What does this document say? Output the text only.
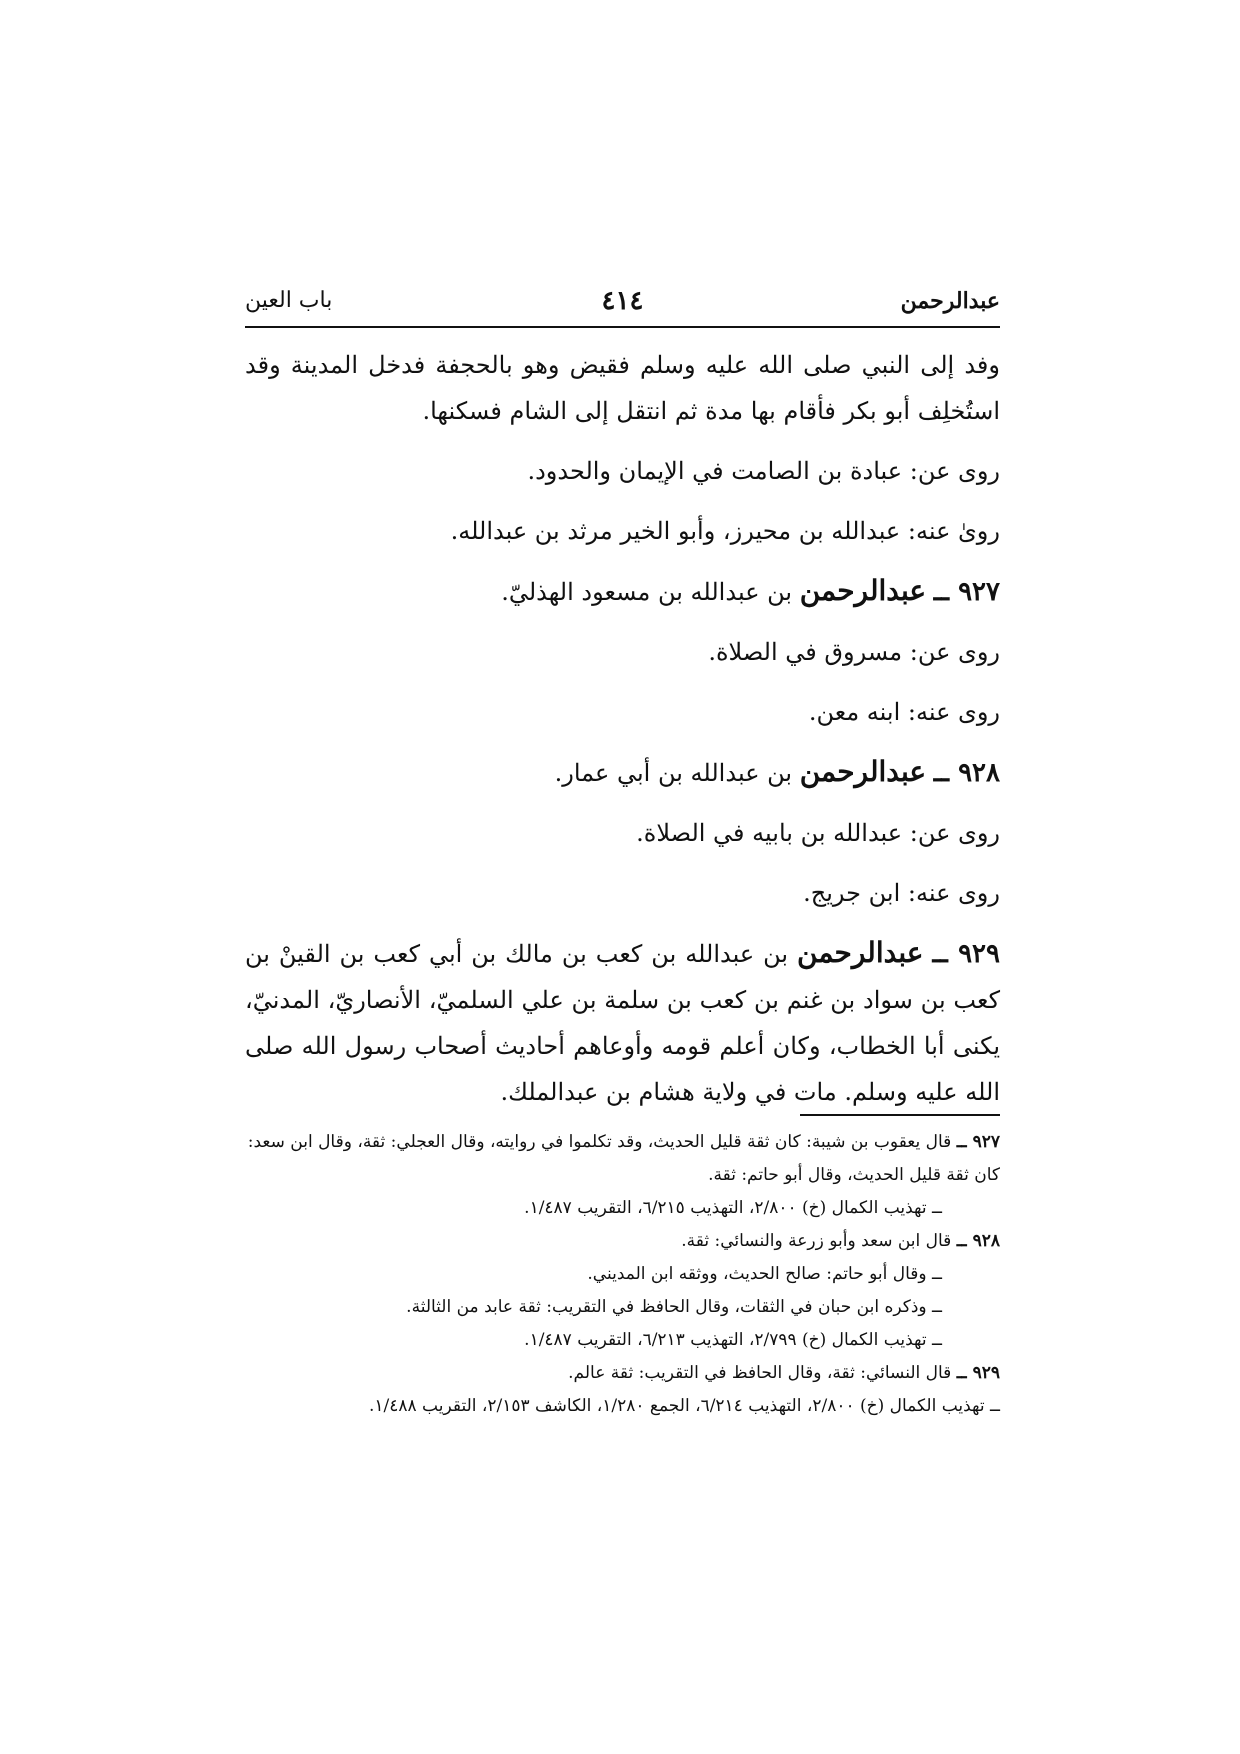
عبدالرحمن
٤١٤
باب العين

وفد إلى النبي صلى الله عليه وسلم فقيض وهو بالحجفة فدخل المدينة وقد استُخلِف أبو بكر فأقام بها مدة ثم انتقل إلى الشام فسكنها.

روى عن: عبادة بن الصامت في الإيمان والحدود.

روىٰ عنه: عبدالله بن محيرز، وأبو الخير مرثد بن عبدالله.

٩٢٧ ــ عبدالرحمن بن عبدالله بن مسعود الهذليّ.

روى عن: مسروق في الصلاة.

روى عنه: ابنه معن.

٩٢٨ ــ عبدالرحمن بن عبدالله بن أبي عمار.

روى عن: عبدالله بن بابيه في الصلاة.

روى عنه: ابن جريج.

٩٢٩ ــ عبدالرحمن بن عبدالله بن كعب بن مالك بن أبي كعب بن القينْ بن كعب بن سواد بن غنم بن كعب بن سلمة بن علي السلميّ، الأنصاريّ، المدنيّ، يكنى أبا الخطاب، وكان أعلم قومه وأوعاهم أحاديث أصحاب رسول الله صلى الله عليه وسلم. مات في ولاية هشام بن عبدالملك.

٩٢٧ ــ قال يعقوب بن شيبة: كان ثقة قليل الحديث، وقد تكلموا في روايته، وقال العجلي: ثقة، وقال ابن سعد: كان ثقة قليل الحديث، وقال أبو حاتم: ثقة.

ــ تهذيب الكمال (خ) ٢/٨٠٠، التهذيب ٦/٢١٥، التقريب ١/٤٨٧.

٩٢٨ ــ قال ابن سعد وأبو زرعة والنسائي: ثقة.

ــ وقال أبو حاتم: صالح الحديث، ووثقه ابن المديني.

ــ وذكره ابن حبان في الثقات، وقال الحافظ في التقريب: ثقة عابد من الثالثة.

ــ تهذيب الكمال (خ) ٢/٧٩٩، التهذيب ٦/٢١٣، التقريب ١/٤٨٧.

٩٢٩ ــ قال النسائي: ثقة، وقال الحافظ في التقريب: ثقة عالم.

ــ تهذيب الكمال (خ) ٢/٨٠٠، التهذيب ٦/٢١٤، الجمع ١/٢٨٠، الكاشف ٢/١٥٣، التقريب ١/٤٨٨.
